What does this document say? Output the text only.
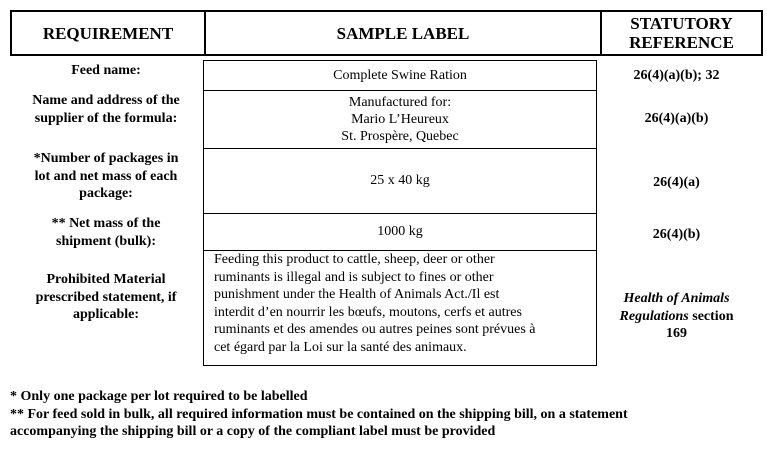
REQUIREMENT	SAMPLE LABEL	STATUTORY
REFERENCE
Feed name:
Name and address of the
supplier of the formula:
*Number of packages in
lot and net mass of each
package:
** Net mass of the
shipment (bulk):
Prohibited Material
prescribed statement, if
applicable:
Complete Swine Ration
Manufactured for:
Mario L’Heureux
St. Prospère, Quebec
25 x 40 kg
1000 kg
Feeding this product to cattle, sheep, deer or other
ruminants is illegal and is subject to fines or other
punishment under the Health of Animals Act./Il est
interdit d’en nourrir les bœufs, moutons, cerfs et autres
ruminants et des amendes ou autres peines sont prévues à
cet égard par la Loi sur la santé des animaux.
26(4)(a)(b); 32
26(4)(a)(b)
26(4)(a)
26(4)(b)
Health of Animals
Regulations section
169
* Only one package per lot required to be labelled
** For feed sold in bulk, all required information must be contained on the shipping bill, on a statement
accompanying the shipping bill or a copy of the compliant label must be provided
